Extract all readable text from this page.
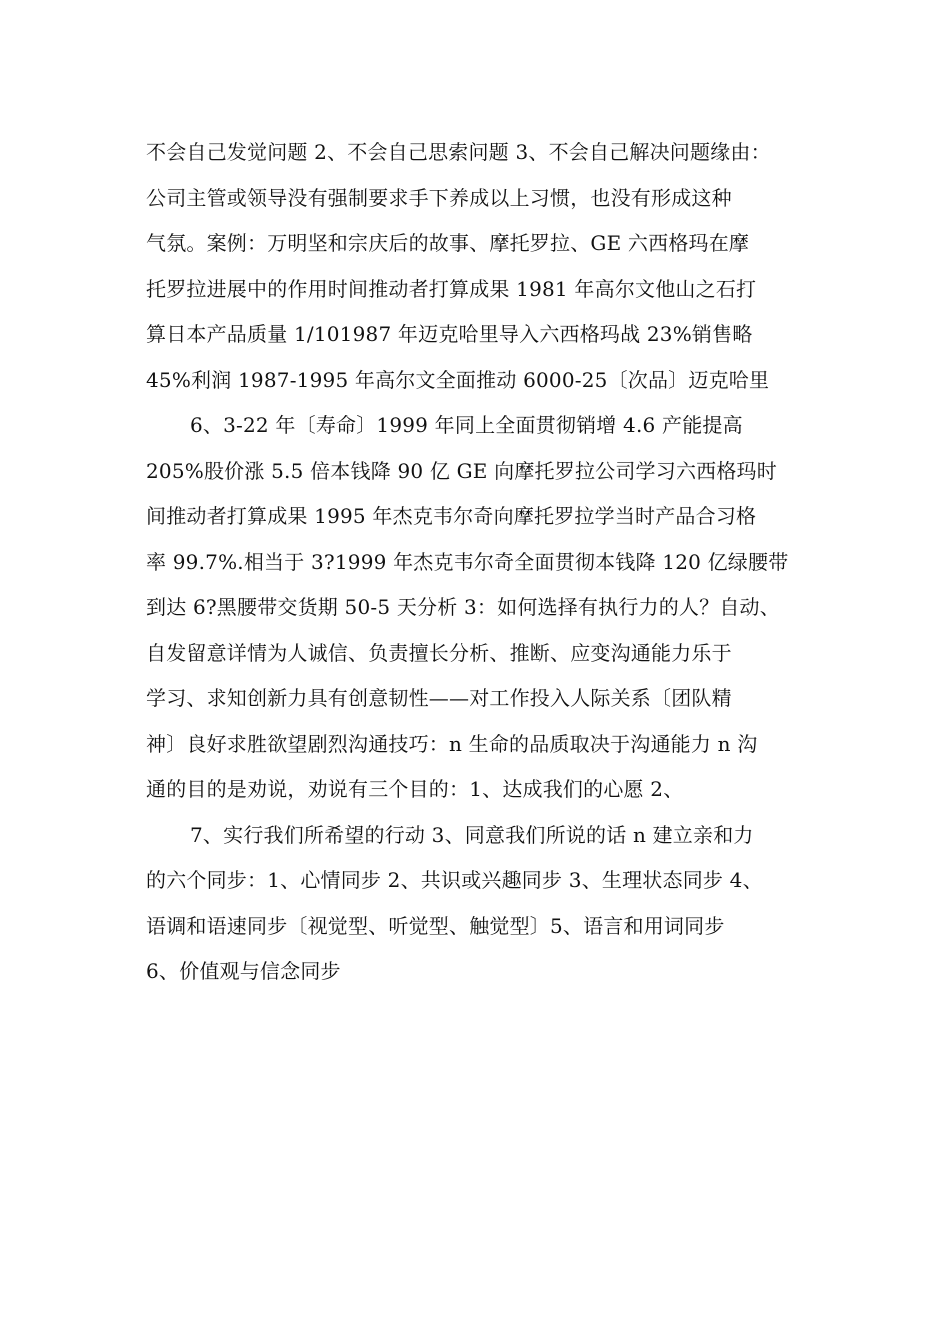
不会自己发觉问题 2、不会自己思索问题 3、不会自己解决问题缘由：
公司主管或领导没有强制要求手下养成以上习惯，也没有形成这种
气氛。案例：万明坚和宗庆后的故事、摩托罗拉、GE 六西格玛在摩
托罗拉进展中的作用时间推动者打算成果 1981 年高尔文他山之石打
算日本产品质量 1/101987 年迈克哈里导入六西格玛战 23%销售略
45%利润 1987-1995 年高尔文全面推动 6000-25〔次品〕迈克哈里
6、3-22 年〔寿命〕1999 年同上全面贯彻销增 4.6 产能提高
205%股价涨 5.5 倍本钱降 90 亿 GE 向摩托罗拉公司学习六西格玛时
间推动者打算成果 1995 年杰克韦尔奇向摩托罗拉学当时产品合习格
率 99.7%.相当于 3?1999 年杰克韦尔奇全面贯彻本钱降 120 亿绿腰带
到达 6?黑腰带交货期 50-5 天分析 3：如何选择有执行力的人？自动、
自发留意详情为人诚信、负责擅长分析、推断、应变沟通能力乐于
学习、求知创新力具有创意韧性——对工作投入人际关系〔团队精
神〕良好求胜欲望剧烈沟通技巧：n 生命的品质取决于沟通能力 n 沟
通的目的是劝说，劝说有三个目的：1、达成我们的心愿 2、
7、实行我们所希望的行动 3、同意我们所说的话 n 建立亲和力
的六个同步：1、心情同步 2、共识或兴趣同步 3、生理状态同步 4、
语调和语速同步〔视觉型、听觉型、触觉型〕5、语言和用词同步
6、价值观与信念同步
